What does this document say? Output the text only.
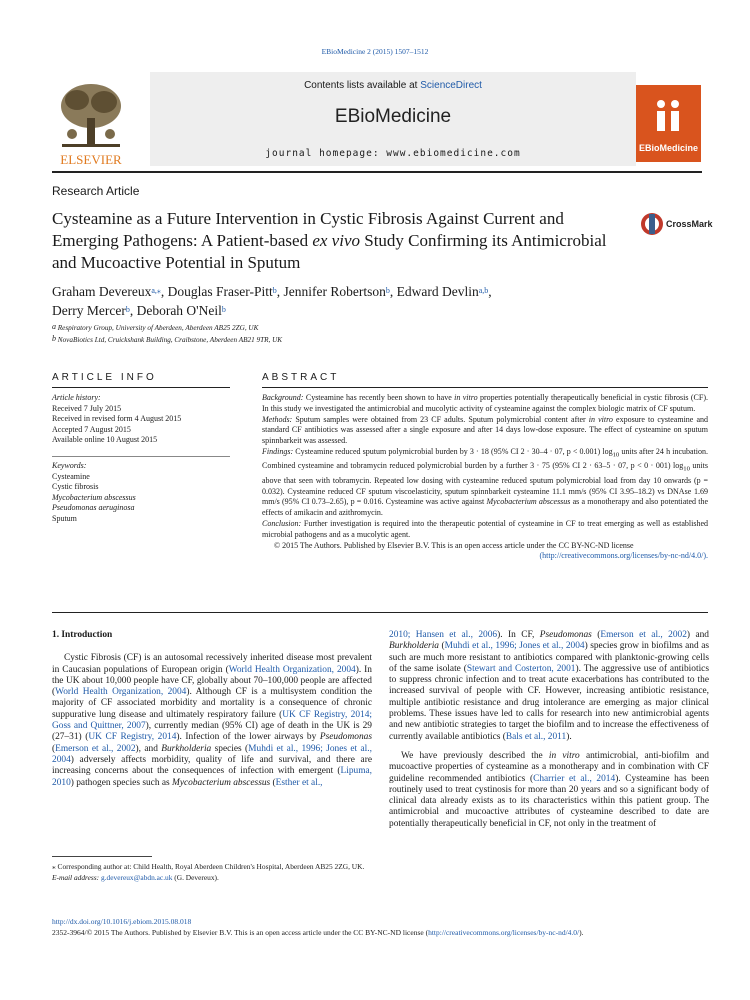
EBioMedicine 2 (2015) 1507–1512
ELSEVIER
Contents lists available at ScienceDirect
EBioMedicine
journal homepage: www.ebiomedicine.com	EBioMedicine
Research Article
Cysteamine as a Future Intervention in Cystic Fibrosis Against Current and Emerging Pathogens: A Patient-based ex vivo Study Confirming its Antimicrobial and Mucoactive Potential in Sputum
CrossMark
Graham Devereux$^{a,⁎}$, Douglas Fraser-Pitt$^b$, Jennifer Robertson$^b$, Edward Devlin$^{a,b}$,
Derry Mercer$^b$, Deborah O'Neil$^b$
$^a$ Respiratory Group, University of Aberdeen, Aberdeen AB25 2ZG, UK
$^b$ NovaBiotics Ltd, Cruickshank Building, Craibstone, Aberdeen AB21 9TR, UK
ARTICLE INFO
Article history:
Received 7 July 2015
Received in revised form 4 August 2015
Accepted 7 August 2015
Available online 10 August 2015
Keywords:
Cysteamine
Cystic fibrosis
Mycobacterium abscessus
Pseudomonas aeruginosa
Sputum
ABSTRACT

Background: Cysteamine has recently been shown to have in vitro properties potentially therapeutically beneficial in cystic fibrosis (CF). In this study we investigated the antimicrobial and mucolytic activity of cysteamine against the complex biologic matrix of CF sputum.

Methods: Sputum samples were obtained from 23 CF adults. Sputum polymicrobial content after in vitro exposure to cysteamine and standard CF antibiotics was assessed after a single exposure and after 14 days low-dose exposure. The effect of cysteamine on sputum spinnbarkeit was assessed.

Findings: Cysteamine reduced sputum polymicrobial burden by 3 · 18 (95% CI 2 · 30–4 · 07, p < 0.001) $\log_{10}$ units after 24 h incubation. Combined cysteamine and tobramycin reduced polymicrobial burden by a further 3 · 75 (95% CI 2 · 63–5 · 07, p < 0 · 001) $\log_{10}$ units above that seen with tobramycin. Repeated low dosing with cysteamine reduced sputum polymicrobial load from day 10 onwards (p = 0.032). Cysteamine reduced CF sputum viscoelasticity, sputum spinnbarkeit cysteamine 11.1 mm/s (95% CI 3.95–18.2) vs DNAse 1.69 mm/s (95% CI 0.73–2.65), p = 0.016. Cysteamine was active against Mycobacterium abscessus as a monotherapy and also potentiated the effects of amikacin and azithromycin.

Conclusion: Further investigation is required into the therapeutic potential of cysteamine in CF to treat emerging as well as established microbial pathogens and as a mucolytic agent.

© 2015 The Authors. Published by Elsevier B.V. This is an open access article under the CC BY-NC-ND license

(http://creativecommons.org/licenses/by-nc-nd/4.0/).

1. Introduction

Cystic Fibrosis (CF) is an autosomal recessively inherited disease most prevalent in Caucasian populations of European origin (World Health Organization, 2004). In the UK about 10,000 people have CF, globally about 70–100,000 people are affected (World Health Organization, 2004). Although CF is a multisystem condition the majority of CF associated morbidity and mortality is a consequence of chronic suppurative lung disease and ultimately respiratory failure (UK CF Registry, 2014; Goss and Quittner, 2007), currently median (95% CI) age of death in the UK is 29 (27–31) (UK CF Registry, 2014). Infection of the lower airways by Pseudomonas (Emerson et al., 2002), and Burkholderia species (Muhdi et al., 1996; Jones et al., 2004) adversely affects morbidity, quality of life and survival, and there are increasing concerns about the consequences of infection with emergent (Lipuma, 2010) pathogen species such as Mycobacterium abscessus (Esther et al.,

2010; Hansen et al., 2006). In CF, Pseudomonas (Emerson et al., 2002) and Burkholderia (Muhdi et al., 1996; Jones et al., 2004) species grow in biofilms and as such are much more resistant to antibiotics compared with planktonic-growing cells of the same isolate (Stewart and Costerton, 2001). The aggressive use of antibiotics to suppress chronic infection and to treat acute exacerbations has contributed to the increased survival of people with CF. However, increasing antibiotic resistance, multiple antibiotic resistance and drug intolerance are emerging as major clinical problems. These issues have led to calls for research into new antimicrobial agents and new antibiotic strategies to target the biofilm and to increase the effectiveness of currently available antibiotics (Bals et al., 2011).

We have previously described the in vitro antimicrobial, anti-biofilm and mucoactive properties of cysteamine as a monotherapy and in combination with CF guideline recommended antibiotics (Charrier et al., 2014). Cysteamine has been routinely used to treat cystinosis for more than 20 years and so a significant body of clinical data already exists as to its characteristics within this patient group. The antimicrobial and mucoactive attributes of cysteamine described to date are potentially therapeutically beneficial in CF, not only in the treatment of

⁎ Corresponding author at: Child Health, Royal Aberdeen Children's Hospital, Aberdeen AB25 2ZG, UK.
E-mail address: g.devereux@abdn.ac.uk (G. Devereux).
http://dx.doi.org/10.1016/j.ebiom.2015.08.018
2352-3964/© 2015 The Authors. Published by Elsevier B.V. This is an open access article under the CC BY-NC-ND license (http://creativecommons.org/licenses/by-nc-nd/4.0/).
